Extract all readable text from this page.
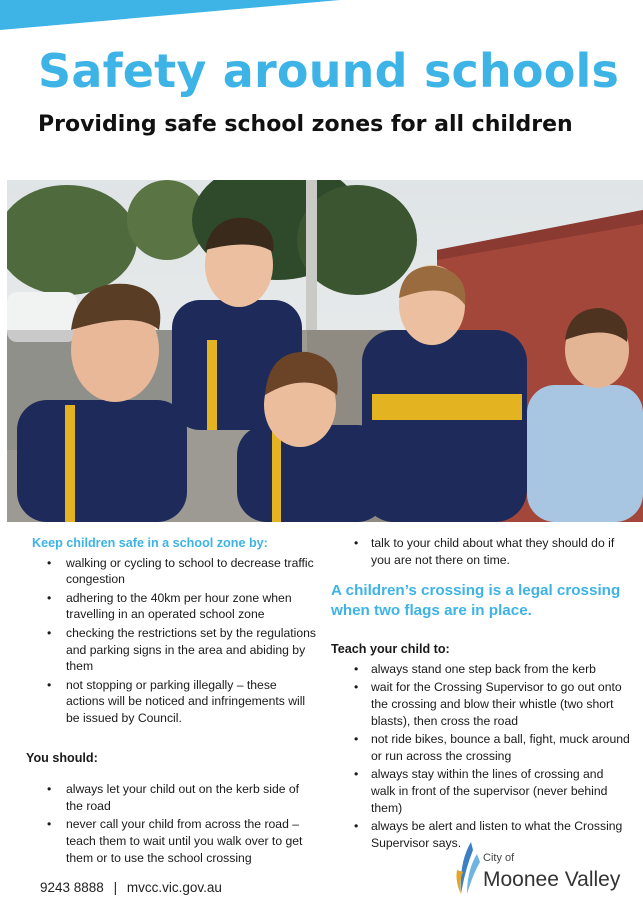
Safety around schools
Providing safe school zones for all children
Keep children safe in a school zone by:
• walking or cycling to school to decrease traffic congestion
• adhering to the 40km per hour zone when travelling in an operated school zone
• checking the restrictions set by the regulations and parking signs in the area and abiding by them
• not stopping or parking illegally – these actions will be noticed and infringements will be issued by Council.
You should:
• always let your child out on the kerb side of the road
• never call your child from across the road – teach them to wait until you walk over to get them or to use the school crossing
• talk to your child about what they should do if you are not there on time.
A children’s crossing is a legal crossing when two flags are in place.
Teach your child to:
• always stand one step back from the kerb
• wait for the Crossing Supervisor to go out onto the crossing and blow their whistle (two short blasts), then cross the road
• not ride bikes, bounce a ball, fight, muck around or run across the crossing
• always stay within the lines of crossing and walk in front of the supervisor (never behind them)
• always be alert and listen to what the Crossing Supervisor says.
9243 8888 | mvcc.vic.gov.au
City of
Moonee Valley
